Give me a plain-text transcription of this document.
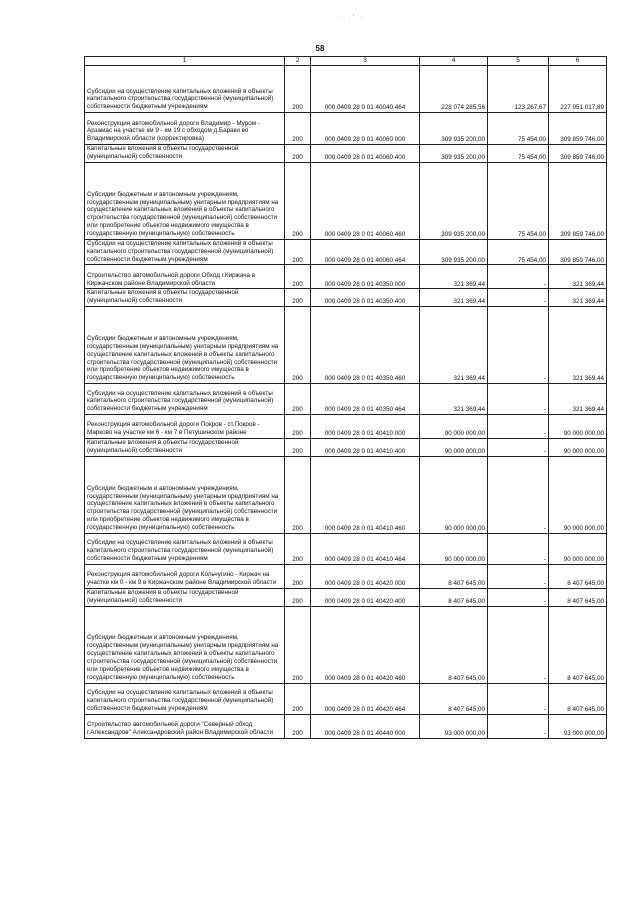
· ·‘ ·
58
1	2	3	4	5	6

Субсидии на осуществление капитальных вложений в объекты капитального строительства государственной (муниципальной) собственности бюджетным учреждениям	200	000 0409 28 0 01 40040 464	228 074 285,56	123 267,67	227 951 017,89

Реконструкция автомобильной дороги Владимир - Муром - Арзамас на участке км 9 - км 19 с обходом д.Бараки во Владимирской области (корректировка)	200	000 0409 28 0 01 40060 000	309 935 200,00	75 454,00	309 859 746,00

Капитальные вложения в объекты государственной (муниципальной) собственности	200	000 0409 28 0 01 40060 400	309 935 200,00	75 454,00	309 859 746,00

Субсидии бюджетным и автономным учреждениям, государственным (муниципальным) унитарным предприятиям на осуществление капитальных вложений в объекты капитального строительства государственной (муниципальной) собственности или приобретение объектов недвижимого имущества в государственную (муниципальную) собственность	200	000 0409 28 0 01 40060 460	309 935 200,00	75 454,00	309 859 746,00

Субсидии на осуществление капитальных вложений в объекты капитального строительства государственной (муниципальной) собственности бюджетным учреждениям	200	000 0409 28 0 01 40060 464	309 935 200,00	75 454,00	309 859 746,00

Строительство автомобильной дороги Обход г.Киржача в Киржачском районе Владимирской области	200	000 0409 28 0 01 40350 000	321 369,44	-	321 369,44

Капитальные вложения в объекты государственной (муниципальной) собственности	200	000 0409 28 0 01 40350 400	321 369,44	-	321 369,44

Субсидии бюджетным и автономным учреждениям, государственным (муниципальным) унитарным предприятиям на осуществление капитальных вложений в объекты капитального строительства государственной (муниципальной) собственности или приобретение объектов недвижимого имущества в государственную (муниципальную) собственность	200	000 0409 28 0 01 40350 460	321 369,44	-	321 369,44

Субсидии на осуществление капитальных вложений в объекты капитального строительства государственной (муниципальной) собственности бюджетным учреждениям	200	000 0409 28 0 01 40350 464	321 369,44	-	321 369,44

Реконструкция автомобильной дороги Покров - ст.Покров - Марково на участке км 6 - км 7 в Петушинском районе	200	000 0409 28 0 01 40410 000	90 000 000,00	-	90 000 000,00

Капитальные вложения в объекты государственной (муниципальной) собственности	200	000 0409 28 0 01 40410 400	90 000 000,00	-	90 000 000,00

Субсидии бюджетным и автономным учреждениям, государственным (муниципальным) унитарным предприятиям на осуществление капитальных вложений в объекты капитального строительства государственной (муниципальной) собственности или приобретение объектов недвижимого имущества в государственную (муниципальную) собственность	200	000 0409 28 0 01 40410 460	90 000 000,00	-	90 000 000,00

Субсидии на осуществление капитальных вложений в объекты капитального строительства государственной (муниципальной) собственности бюджетным учреждениям	200	000 0409 28 0 01 40410 464	90 000 000,00	-	90 000 000,00

Реконструкция автомобильной дороги Кольчугино - Киржач на участке км 0 - км 9 в Киржачском районе Владимирской области	200	000 0409 28 0 01 40420 000	8 407 645,00	-	8 407 645,00

Капитальные вложения в объекты государственной (муниципальной) собственности	200	000 0409 28 0 01 40420 400	8 407 645,00	-	8 407 645,00

Субсидии бюджетным и автономным учреждениям, государственным (муниципальным) унитарным предприятиям на осуществление капитальных вложений в объекты капитального строительства государственной (муниципальной) собственности или приобретение объектов недвижимого имущества в государственную (муниципальную) собственность	200	000 0409 28 0 01 40420 460	8 407 645,00	-	8 407 645,00

Субсидии на осуществление капитальных вложений в объекты капитального строительства государственной (муниципальной) собственности бюджетным учреждениям	200	000 0409 28 0 01 40420 464	8 407 645,00	-	8 407 645,00

Строительство автомобильной дороги "Северный обход г.Александров" Александровский район Владимирской области	200	000 0409 28 0 01 40440 000	93 000 000,00	-	93 000 000,00
